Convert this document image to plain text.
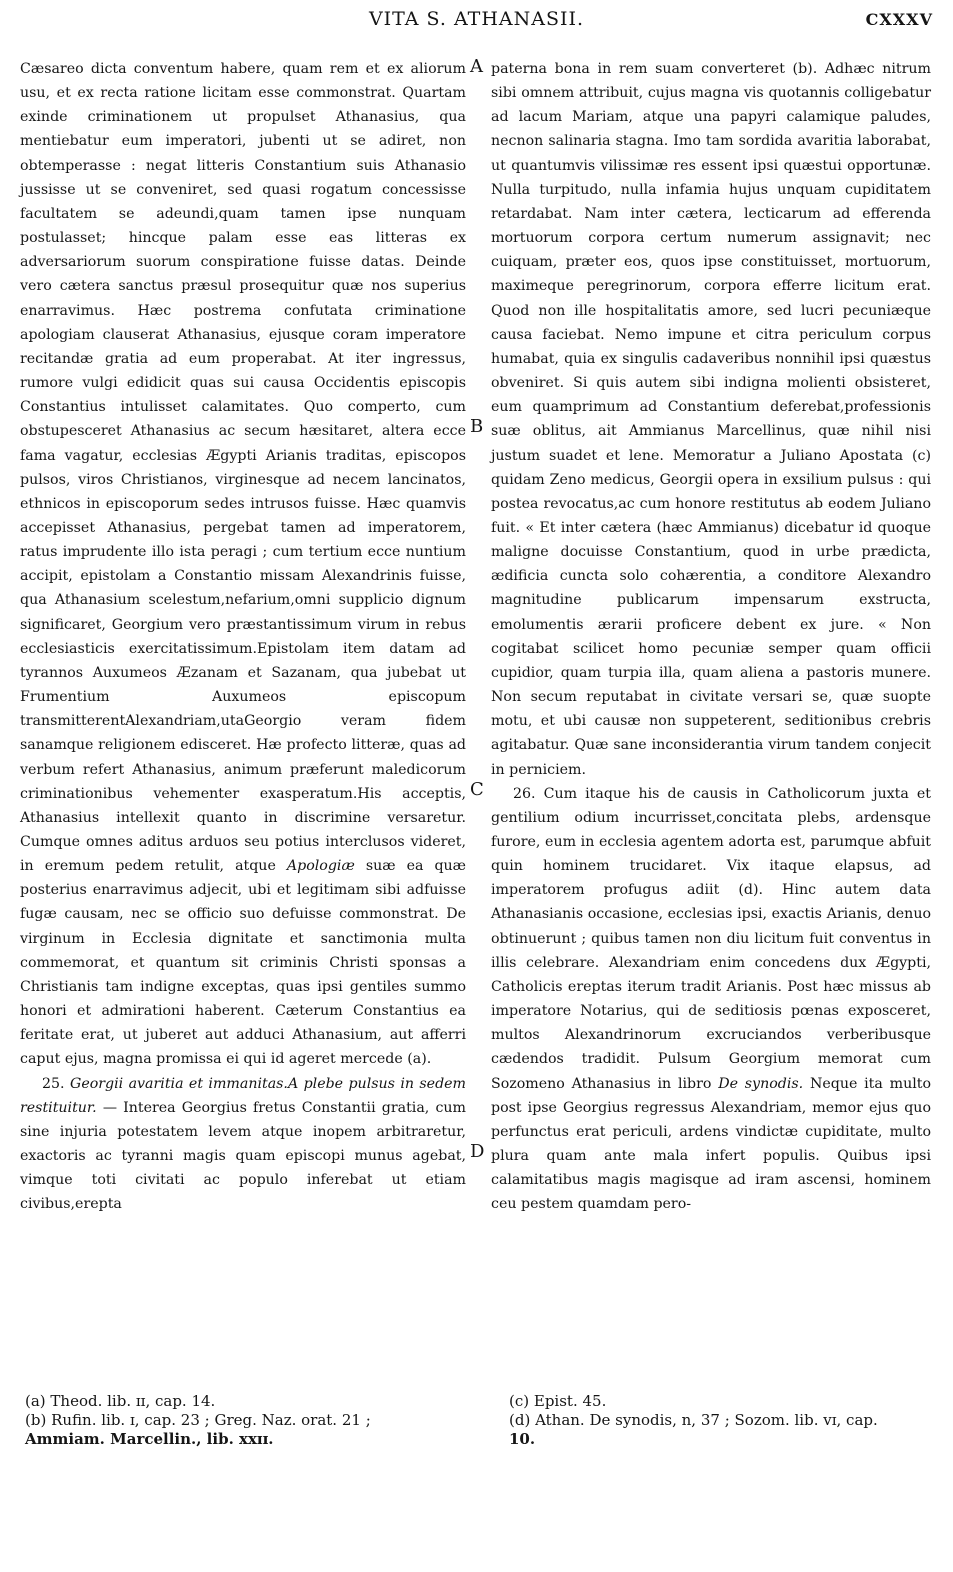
VITA S. ATHANASII.	CXXXV

Cæsareo dicta conventum habere, quam rem et ex aliorum usu, et ex recta ratione licitam esse commonstrat. Quartam exinde criminationem ut propulset Athanasius, qua mentiebatur eum imperatori, jubenti ut se adiret, non obtemperasse : negat litteris Constantium suis Athanasio jussisse ut se conveniret, sed quasi rogatum concessisse facultatem se adeundi,quam tamen ipse nunquam postulasset; hincque palam esse eas litteras ex adversariorum suorum conspiratione fuisse datas. Deinde vero cætera sanctus præsul prosequitur quæ nos superius enarravimus. Hæc postrema confutata criminatione apologiam clauserat Athanasius, ejusque coram imperatore recitandæ gratia ad eum properabat. At iter ingressus, rumore vulgi edidicit quas sui causa Occidentis episcopis Constantius intulisset calamitates. Quo comperto, cum obstupesceret Athanasius ac secum hæsitaret, altera ecce fama vagatur, ecclesias Ægypti Arianis traditas, episcopos pulsos, viros Christianos, virginesque ad necem lancinatos, ethnicos in episcoporum sedes intrusos fuisse. Hæc quamvis accepisset Athanasius, pergebat tamen ad imperatorem, ratus imprudente illo ista peragi ; cum tertium ecce nuntium accipit, epistolam a Constantio missam Alexandrinis fuisse, qua Athanasium scelestum,nefarium,omni supplicio dignum significaret, Georgium vero præstantissimum virum in rebus ecclesiasticis exercitatissimum.Epistolam item datam ad tyrannos Auxumeos Æzanam et Sazanam, qua jubebat ut Frumentium Auxumeos episcopum transmitterentAlexandriam,utaGeorgio veram fidem sanamque religionem edisceret. Hæ profecto litteræ, quas ad verbum refert Athanasius, animum præferunt maledicorum criminationibus vehementer exasperatum.His acceptis, Athanasius intellexit quanto in discrimine versaretur. Cumque omnes aditus arduos seu potius interclusos videret, in eremum pedem retulit, atque Apologiæ suæ ea quæ posterius enarravimus adjecit, ubi et legitimam sibi adfuisse fugæ causam, nec se officio suo defuisse commonstrat. De virginum in Ecclesia dignitate et sanctimonia multa commemorat, et quantum sit criminis Christi sponsas a Christianis tam indigne exceptas, quas ipsi gentiles summo honori et admirationi haberent. Cæterum Constantius ea feritate erat, ut juberet aut adduci Athanasium, aut afferri caput ejus, magna promissa ei qui id ageret mercede (a).

25. Georgii avaritia et immanitas.A plebe pulsus in sedem restituitur. — Interea Georgius fretus Constantii gratia, cum sine injuria potestatem levem atque inopem arbitraretur, exactoris ac tyranni magis quam episcopi munus agebat, vimque toti civitati ac populo inferebat ut etiam civibus,erepta

A
B
C
D

paterna bona in rem suam converteret (b). Adhæc nitrum sibi omnem attribuit, cujus magna vis quotannis colligebatur ad lacum Mariam, atque una papyri calamique paludes, necnon salinaria stagna. Imo tam sordida avaritia laborabat, ut quantumvis vilissimæ res essent ipsi quæstui opportunæ. Nulla turpitudo, nulla infamia hujus unquam cupiditatem retardabat. Nam inter cætera, lecticarum ad efferenda mortuorum corpora certum numerum assignavit; nec cuiquam, præter eos, quos ipse constituisset, mortuorum, maximeque peregrinorum, corpora efferre licitum erat. Quod non ille hospitalitatis amore, sed lucri pecuniæque causa faciebat. Nemo impune et citra periculum corpus humabat, quia ex singulis cadaveribus nonnihil ipsi quæstus obveniret. Si quis autem sibi indigna molienti obsisteret, eum quamprimum ad Constantium deferebat,professionis suæ oblitus, ait Ammianus Marcellinus, quæ nihil nisi justum suadet et lene. Memoratur a Juliano Apostata (c) quidam Zeno medicus, Georgii opera in exsilium pulsus : qui postea revocatus,ac cum honore restitutus ab eodem Juliano fuit. « Et inter cætera (hæc Ammianus) dicebatur id quoque maligne docuisse Constantium, quod in urbe prædicta, ædificia cuncta solo cohærentia, a conditore Alexandro magnitudine publicarum impensarum exstructa, emolumentis ærarii proficere debent ex jure. « Non cogitabat scilicet homo pecuniæ semper quam officii cupidior, quam turpia illa, quam aliena a pastoris munere. Non secum reputabat in civitate versari se, quæ suopte motu, et ubi causæ non suppeterent, seditionibus crebris agitabatur. Quæ sane inconsiderantia virum tandem conjecit in perniciem.

26. Cum itaque his de causis in Catholicorum juxta et gentilium odium incurrisset,concitata plebs, ardensque furore, eum in ecclesia agentem adorta est, parumque abfuit quin hominem trucidaret. Vix itaque elapsus, ad imperatorem profugus adiit (d). Hinc autem data Athanasianis occasione, ecclesias ipsi, exactis Arianis, denuo obtinuerunt ; quibus tamen non diu licitum fuit conventus in illis celebrare. Alexandriam enim concedens dux Ægypti, Catholicis ereptas iterum tradit Arianis. Post hæc missus ab imperatore Notarius, qui de seditiosis pœnas exposceret, multos Alexandrinorum excruciandos verberibusque cædendos tradidit. Pulsum Georgium memorat cum Sozomeno Athanasius in libro De synodis. Neque ita multo post ipse Georgius regressus Alexandriam, memor ejus quo perfunctus erat periculi, ardens vindictæ cupiditate, multo plura quam ante mala infert populis. Quibus ipsi calamitatibus magis magisque ad iram ascensi, hominem ceu pestem quamdam pero-

(a) Theod. lib. ɪɪ, cap. 14.
(b) Rufin. lib. ɪ, cap. 23 ; Greg. Naz. orat. 21 ;
Ammiam. Marcellin., lib. xxɪɪ.
(c) Epist. 45.
(d) Athan. De synodis, n, 37 ; Sozom. lib. vɪ, cap.
10.
